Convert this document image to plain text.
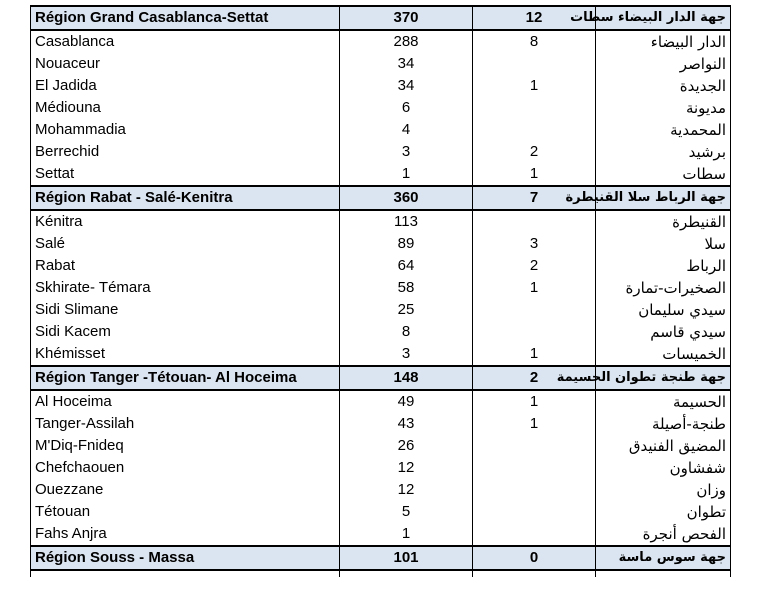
Région Grand Casablanca-Settat	370	12	جهة الدار البيضاء سطات
Casablanca	288	8	الدار البيضاء
Nouaceur	34		النواصر
El Jadida	34	1	الجديدة
Médiouna	6		مديونة
Mohammadia	4		المحمدية
Berrechid	3	2	برشيد
Settat	1	1	سطات
Région Rabat - Salé-Kenitra	360	7	جهة الرباط سلا القنيطرة
Kénitra	113		القنيطرة
Salé	89	3	سلا
Rabat	64	2	الرباط
Skhirate- Témara	58	1	الصخيرات-تمارة
Sidi Slimane	25		سيدي سليمان
Sidi Kacem	8		سيدي قاسم
Khémisset	3	1	الخميسات
Région Tanger -Tétouan- Al Hoceima	148	2	جهة طنجة تطوان الحسيمة
Al Hoceima	49	1	الحسيمة
Tanger-Assilah	43	1	طنجة-أصيلة
M'Diq-Fnideq	26		المضيق الفنيدق
Chefchaouen	12		شفشاون
Ouezzane	12		وزان
Tétouan	5		تطوان
Fahs Anjra	1		الفحص أنجرة
Région Souss - Massa	101	0	جهة سوس ماسة
